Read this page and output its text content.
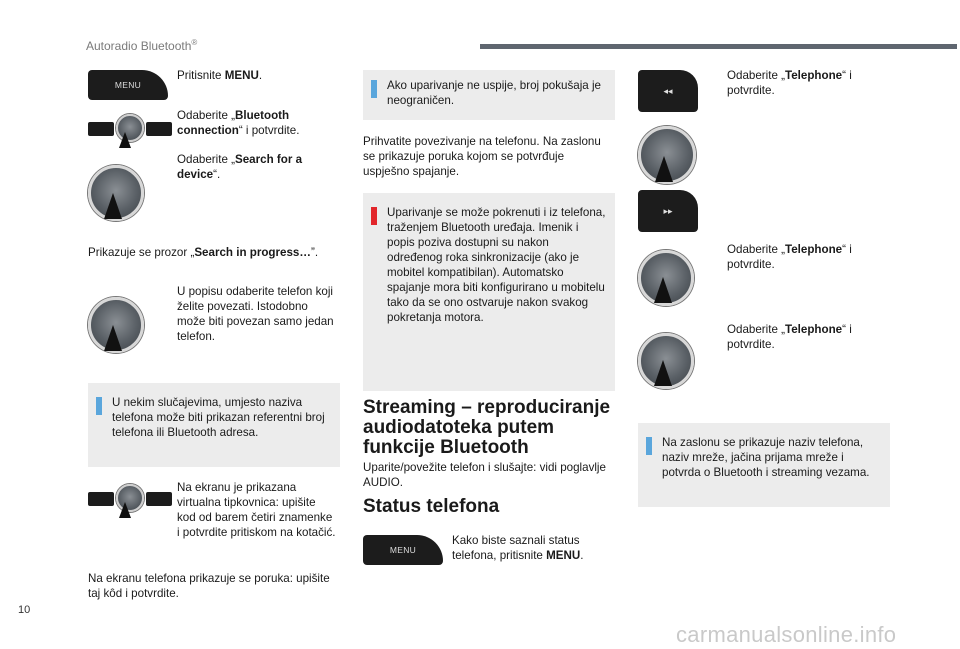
Autoradio Bluetooth®
MENU
Pritisnite MENU.
Odaberite „Bluetooth connection“ i potvrdite.
Odaberite „Search for a device“.
Prikazuje se prozor „Search in progress…”.
U popisu odaberite telefon koji želite povezati. Istodobno može biti povezan samo jedan telefon.
U nekim slučajevima, umjesto naziva telefona može biti prikazan referentni broj telefona ili Bluetooth adresa.
Na ekranu je prikazana virtualna tipkovnica: upišite kod od barem četiri znamenke i potvrdite pritiskom na kotačić.
Na ekranu telefona prikazuje se poruka: upišite taj kôd i potvrdite.
Ako uparivanje ne uspije, broj pokušaja je neograničen.
Prihvatite povezivanje na telefonu. Na zaslonu se prikazuje poruka kojom se potvrđuje uspješno spajanje.
Uparivanje se može pokrenuti i iz telefona, traženjem Bluetooth uređaja. Imenik i popis poziva dostupni su nakon određenog roka sinkronizacije (ako je mobitel kompatibilan). Automatsko spajanje mora biti konfigurirano u mobitelu tako da se ono ostvaruje nakon svakog pokretanja motora.
Streaming – reproduciranje audiodatoteka putem funkcije Bluetooth
Uparite/povežite telefon i slušajte: vidi poglavlje AUDIO.
Status telefona
MENU
Kako biste saznali status telefona, pritisnite MENU.
◂◂
Odaberite „Telephone“ i potvrdite.
▸▸
Odaberite „Telephone“ i potvrdite.
Odaberite „Telephone“ i potvrdite.
Na zaslonu se prikazuje naziv telefona, naziv mreže, jačina prijama mreže i potvrda o Bluetooth i streaming vezama.
10
carmanualsonline.info
